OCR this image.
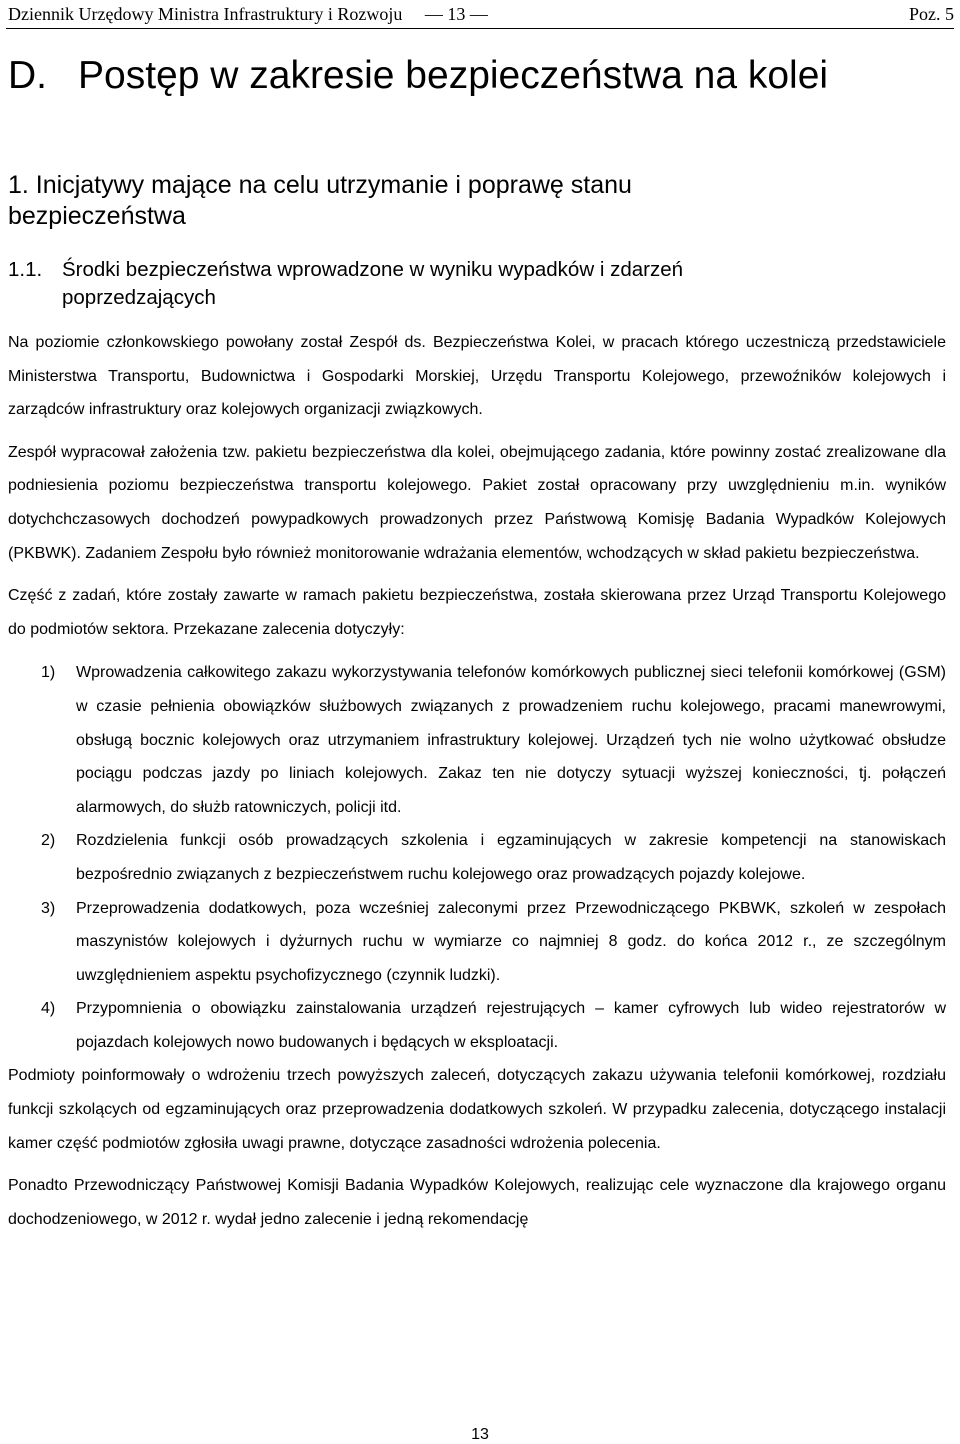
Dziennik Urzędowy Ministra Infrastruktury i Rozwoju — 13 —	Poz. 5
D. Postęp w zakresie bezpieczeństwa na kolei
1. Inicjatywy mające na celu utrzymanie i poprawę stanu bezpieczeństwa
1.1. Środki bezpieczeństwa wprowadzone w wyniku wypadków i zdarzeń
poprzedzających

Na poziomie członkowskiego powołany został Zespół ds. Bezpieczeństwa Kolei, w pracach którego uczestniczą przedstawiciele Ministerstwa Transportu, Budownictwa i Gospodarki Morskiej, Urzędu Transportu Kolejowego, przewoźników kolejowych i zarządców infrastruktury oraz kolejowych organizacji związkowych.

Zespół wypracował założenia tzw. pakietu bezpieczeństwa dla kolei, obejmującego zadania, które powinny zostać zrealizowane dla podniesienia poziomu bezpieczeństwa transportu kolejowego. Pakiet został opracowany przy uwzględnieniu m.in. wyników dotychchczasowych dochodzeń powypadkowych prowadzonych przez Państwową Komisję Badania Wypadków Kolejowych (PKBWK). Zadaniem Zespołu było również monitorowanie wdrażania elementów, wchodzących w skład pakietu bezpieczeństwa.

Część z zadań, które zostały zawarte w ramach pakietu bezpieczeństwa, została skierowana przez Urząd Transportu Kolejowego do podmiotów sektora. Przekazane zalecenia dotyczyły:

1) Wprowadzenia całkowitego zakazu wykorzystywania telefonów komórkowych publicznej sieci telefonii komórkowej (GSM) w czasie pełnienia obowiązków służbowych związanych z prowadzeniem ruchu kolejowego, pracami manewrowymi, obsługą bocznic kolejowych oraz utrzymaniem infrastruktury kolejowej. Urządzeń tych nie wolno użytkować obsłudze pociągu podczas jazdy po liniach kolejowych. Zakaz ten nie dotyczy sytuacji wyższej konieczności, tj. połączeń alarmowych, do służb ratowniczych, policji itd.
2) Rozdzielenia funkcji osób prowadzących szkolenia i egzaminujących w zakresie kompetencji na stanowiskach bezpośrednio związanych z bezpieczeństwem ruchu kolejowego oraz prowadzących pojazdy kolejowe.
3) Przeprowadzenia dodatkowych, poza wcześniej zaleconymi przez Przewodniczącego PKBWK, szkoleń w zespołach maszynistów kolejowych i dyżurnych ruchu w wymiarze co najmniej 8 godz. do końca 2012 r., ze szczególnym uwzględnieniem aspektu psychofizycznego (czynnik ludzki).
4) Przypomnienia o obowiązku zainstalowania urządzeń rejestrujących – kamer cyfrowych lub wideo rejestratorów w pojazdach kolejowych nowo budowanych i będących w eksploatacji.

Podmioty poinformowały o wdrożeniu trzech powyższych zaleceń, dotyczących zakazu używania telefonii komórkowej, rozdziału funkcji szkolących od egzaminujących oraz przeprowadzenia dodatkowych szkoleń. W przypadku zalecenia, dotyczącego instalacji kamer część podmiotów zgłosiła uwagi prawne, dotyczące zasadności wdrożenia polecenia.

Ponadto Przewodniczący Państwowej Komisji Badania Wypadków Kolejowych, realizując cele wyznaczone dla krajowego organu dochodzeniowego, w 2012 r. wydał jedno zalecenie i jedną rekomendację

13
